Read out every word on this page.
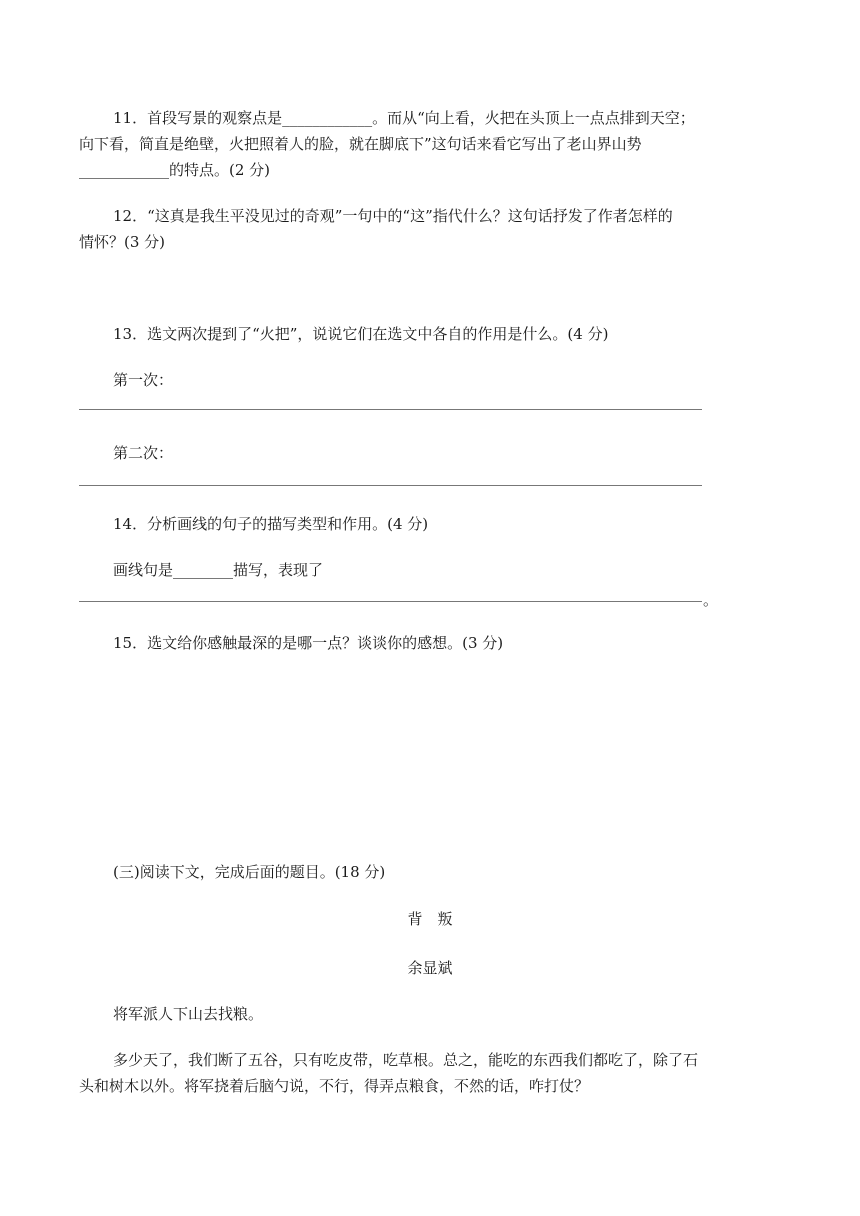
11．首段写景的观察点是____________。而从“向上看，火把在头顶上一点点排到天空；
向下看，简直是绝壁，火把照着人的脸，就在脚底下”这句话来看它写出了老山界山势
____________的特点。(2 分)
12．“这真是我生平没见过的奇观”一句中的“这”指代什么？这句话抒发了作者怎样的
情怀？(3 分)
13．选文两次提到了“火把”，说说它们在选文中各自的作用是什么。(4 分)
第一次：
第二次：
14．分析画线的句子的描写类型和作用。(4 分)
画线句是________描写，表现了
。
15．选文给你感触最深的是哪一点？谈谈你的感想。(3 分)
(三)阅读下文，完成后面的题目。(18 分)
背　叛
余显斌
将军派人下山去找粮。
多少天了，我们断了五谷，只有吃皮带，吃草根。总之，能吃的东西我们都吃了，除了石
头和树木以外。将军挠着后脑勺说，不行，得弄点粮食，不然的话，咋打仗？
